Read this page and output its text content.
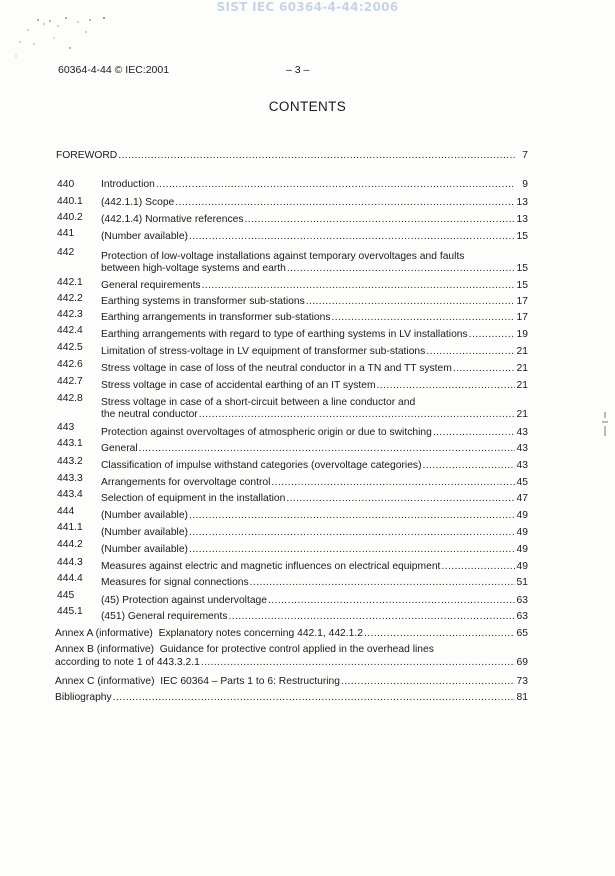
SIST IEC 60364-4-44:2006
60364-4-44 © IEC:2001	– 3 –
CONTENTS
FOREWORD .....	7
440	Introduction .....	9
440.1 (442.1.1) Scope .....	13
440.2 (442.1.4) Normative references .....	13
441	(Number available) .....	15
442	Protection of low-voltage installations against temporary overvoltages and faults
between high-voltage systems and earth .....	15
442.1 General requirements .....	15
442.2 Earthing systems in transformer sub-stations .....	17
442.3 Earthing arrangements in transformer sub-stations .....	17
442.4 Earthing arrangements with regard to type of earthing systems in LV installations .....	19
442.5 Limitation of stress-voltage in LV equipment of transformer sub-stations .....	21
442.6 Stress voltage in case of loss of the neutral conductor in a TN and TT system .....	21
442.7 Stress voltage in case of accidental earthing of an IT system .....	21
442.8 Stress voltage in case of a short-circuit between a line conductor and
the neutral conductor .....	21
443	Protection against overvoltages of atmospheric origin or due to switching .....	43
443.1 General .....	43
443.2 Classification of impulse withstand categories (overvoltage categories) .....	43
443.3 Arrangements for overvoltage control .....	45
443.4 Selection of equipment in the installation .....	47
444	(Number available) .....	49
441.1 (Number available) .....	49
444.2 (Number available) .....	49
444.3 Measures against electric and magnetic influences on electrical equipment .....	49
444.4 Measures for signal connections .....	51
445	(45) Protection against undervoltage .....	63
445.1 (451) General requirements .....	63
Annex A (informative)  Explanatory notes concerning 442.1, 442.1.2 .....	65
Annex B (informative)  Guidance for protective control applied in the overhead lines
according to note 1 of 443.3.2.1 .....	69
Annex C (informative)  IEC 60364 – Parts 1 to 6: Restructuring .....	73
Bibliography .....	81
